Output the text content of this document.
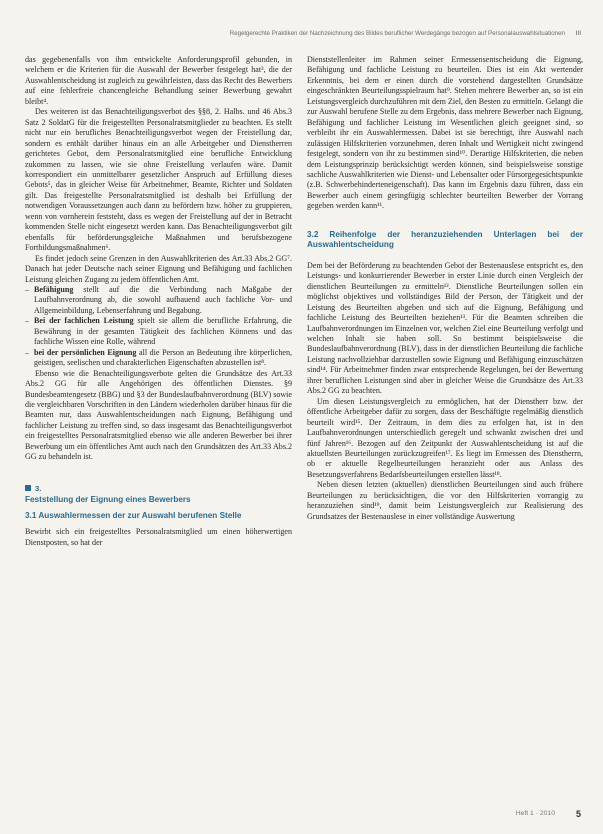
Regelgerechte Praktiken der Nachzeichnung des Bildes beruflicher Werdegänge bezogen auf Personalauswahlsituationen III

das gegebenenfalls von ihm entwickelte Anforderungsprofil gebunden, in welchem er die Kriterien für die Auswahl der Bewerber festgelegt hat³, die der Auswahlentscheidung ist zugleich zu gewährleisten, dass das Recht des Bewerbers auf eine fehlerfreie chancengleiche Behandlung seiner Bewerbung gewahrt bleibt⁴.

Des weiteren ist das Benachteiligungsverbot des §§8, 2. Halbs. und 46 Abs.3 Satz 2 SoldatG für die freigestellten Personalratsmitglieder zu beachten. Es stellt nicht nur ein berufliches Benachteiligungsverbot wegen der Freistellung dar, sondern es enthält darüber hinaus ein an alle Arbeitgeber und Dienstherren gerichtetes Gebot, dem Personalratsmitglied eine berufliche Entwicklung zukommen zu lassen, wie sie ohne Freistellung verlaufen wäre. Damit korrespondiert ein unmittelbarer gesetzlicher Anspruch auf Erfüllung dieses Gebots⁵, das in gleicher Weise für Arbeitnehmer, Beamte, Richter und Soldaten gilt. Das freigestellte Personalratsmitglied ist deshalb bei Erfüllung der notwendigen Voraussetzungen auch dann zu befördern bzw. höher zu gruppieren, wenn von vornherein feststeht, dass es wegen der Freistellung auf der in Betracht kommenden Stelle nicht eingesetzt werden kann. Das Benachteiligungsverbot gilt ebenfalls für beförderungsgleiche Maßnahmen und berufsbezogene Fortbildungsmaßnahmen⁶.

Es findet jedoch seine Grenzen in den Auswahlkriterien des Art.33 Abs.2 GG⁷. Danach hat jeder Deutsche nach seiner Eignung und Befähigung und fachlichen Leistung gleichen Zugang zu jedem öffentlichen Amt.

– Befähigung stellt auf die die Verbindung nach Maßgabe der Laufbahnverordnung ab, die sowohl aufbauend auch fachliche Vor- und Allgemeinbildung, Lebenserfahrung und Begabung.
– Bei der fachlichen Leistung spielt sie allem die berufliche Erfahrung, die Bewährung in der gesamten Tätigkeit des fachlichen Könnens und das fachliche Wissen eine Rolle, während
– bei der persönlichen Eignung all die Person an Bedeutung ihre körperlichen, geistigen, seelischen und charakterlichen Eigenschaften abzustellen ist⁸.

Ebenso wie die Benachteiligungsverbote gelten die Grundsätze des Art.33 Abs.2 GG für alle Angehörigen des öffentlichen Dienstes. §9 Bundesbeamtengesetz (BBG) und §3 der Bundeslaufbahnverordnung (BLV) sowie die vergleichbaren Vorschriften in den Ländern wiederholen darüber hinaus für die Beamten nur, dass Auswahlentscheidungen nach Eignung, Befähigung und fachlicher Leistung zu treffen sind, so dass insgesamt das Benachteiligungsverbot ein freigestelltes Personalratsmitglied ebenso wie alle anderen Bewerber bei ihrer Bewerbung um ein öffentliches Amt auch nach den Grundsätzen des Art.33 Abs.2 GG zu behandeln ist.

3.
Feststellung der Eignung eines Bewerbers
3.1 Auswahlermessen der zur Auswahl berufenen Stelle

Bewirbt sich ein freigestelltes Personalratsmitglied um einen höherwertigen Dienstposten, so hat der

Dienststellenleiter im Rahmen seiner Ermessensentscheidung die Eignung, Befähigung und fachliche Leistung zu beurteilen. Dies ist ein Akt wertender Erkenntnis, bei dem er einen durch die vorstehend dargestellten Grundsätze eingeschränkten Beurteilungsspielraum hat⁹. Stehen mehrere Bewerber an, so ist ein Leistungsvergleich durchzuführen mit dem Ziel, den Besten zu ermitteln. Gelangt die zur Auswahl berufene Stelle zu dem Ergebnis, dass mehrere Bewerber nach Eignung, Befähigung und fachlicher Leistung im Wesentlichen gleich geeignet sind, so verbleibt ihr ein Auswahlermessen. Dabei ist sie berechtigt, ihre Auswahl nach zulässigen Hilfskriterien vorzunehmen, deren Inhalt und Wertigkeit nicht zwingend festgelegt, sondern von ihr zu bestimmen sind¹⁰. Derartige Hilfskriterien, die neben dem Leistungsprinzip berücksichtigt werden können, sind beispielsweise sonstige sachliche Auswahlkriterien wie Dienst- und Lebensalter oder Fürsorgegesichtspunkte (z.B. Schwerbehinderteneigenschaft). Das kann im Ergebnis dazu führen, dass ein Bewerber auch einem geringfügig schlechter beurteilten Bewerber der Vorrang gegeben werden kann¹¹.

3.2 Reihenfolge der heranzuziehenden Unterlagen bei der Auswahlentscheidung

Dem bei der Beförderung zu beachtenden Gebot der Bestenauslese entspricht es, den Leistungs- und konkurrierender Bewerber in erster Linie durch einen Vergleich der dienstlichen Beurteilungen zu ermitteln¹². Dienstliche Beurteilungen sollen ein möglichst objektives und vollständiges Bild der Person, der Tätigkeit und der Leistung des Beurteilten abgeben und sich auf die Eignung, Befähigung und fachliche Leistung des Beurteilten beziehen¹³. Für die Beamten schreiben die Laufbahnverordnungen im Einzelnen vor, welchen Ziel eine Beurteilung verfolgt und welchen Inhalt sie haben soll. So bestimmt beispielsweise die Bundeslaufbahnverordnung (BLV), dass in der dienstlichen Beurteilung die fachliche Leistung nachvollziehbar darzustellen sowie Eignung und Befähigung einzuschätzen sind¹⁴. Für Arbeitnehmer finden zwar entsprechende Regelungen, bei der Bewertung ihrer beruflichen Leistungen sind aber in gleicher Weise die Grundsätze des Art.33 Abs.2 GG zu beachten.

Um diesen Leistungsvergleich zu ermöglichen, hat der Dienstherr bzw. der öffentliche Arbeitgeber dafür zu sorgen, dass der Beschäftigte regelmäßig dienstlich beurteilt wird¹⁵. Der Zeitraum, in dem dies zu erfolgen hat, ist in den Laufbahnverordnungen unterschiedlich geregelt und schwankt zwischen drei und fünf Jahren¹⁶. Bezogen auf den Zeitpunkt der Auswahlentscheidung ist auf die aktuellsten Beurteilungen zurückzugreifen¹⁷. Es liegt im Ermessen des Dienstherrn, ob er aktuelle Regelbeurteilungen heranzieht oder aus Anlass des Besetzungsverfahrens Bedarfsbeurteilungen erstellen lässt¹⁸.

Neben diesen letzten (aktuellen) dienstlichen Beurteilungen sind auch frühere Beurteilungen zu berücksichtigen, die vor den Hilfskriterien vorrangig zu heranzuziehen sind¹⁹, damit beim Leistungsvergleich zur Realisierung des Grundsatzes der Bestenauslese in einer vollständige Auswertung

Heft 1 · 2010 5
